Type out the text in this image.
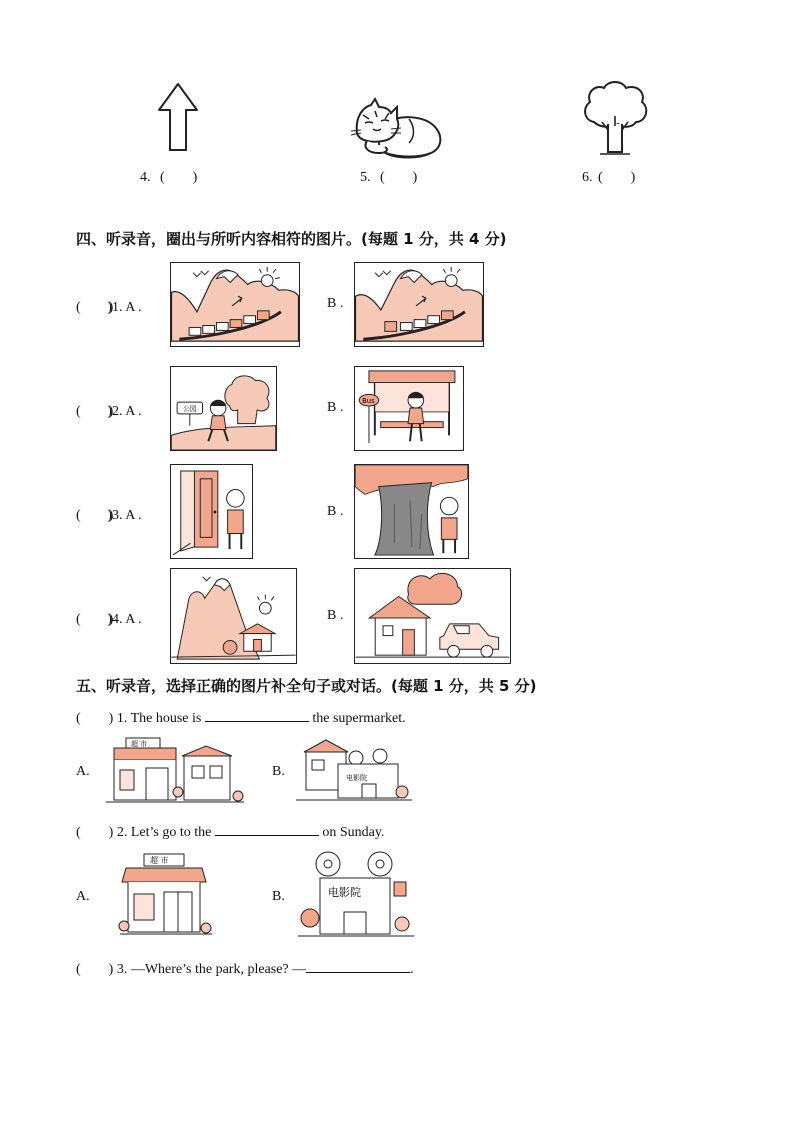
4. (　　)	5. (　　)	6. (　　)
四、听录音，圈出与所听内容相符的图片。(每题 1 分，共 4 分)
(　　))1. A .	B .
(　　))2. A .	公园	B .	Bus
(　　))3. A .	B .
(　　))4. A .	B .
五、听录音，选择正确的图片补全句子或对话。(每题 1 分，共 5 分)
(　　) 1. The house is	the supermarket.
A.
超 市
B.	电影院
(　　) 2. Let’s go to the	on Sunday.
A.
超 市
B.	电影院
(　　) 3. —Where’s the park, please? —	.
